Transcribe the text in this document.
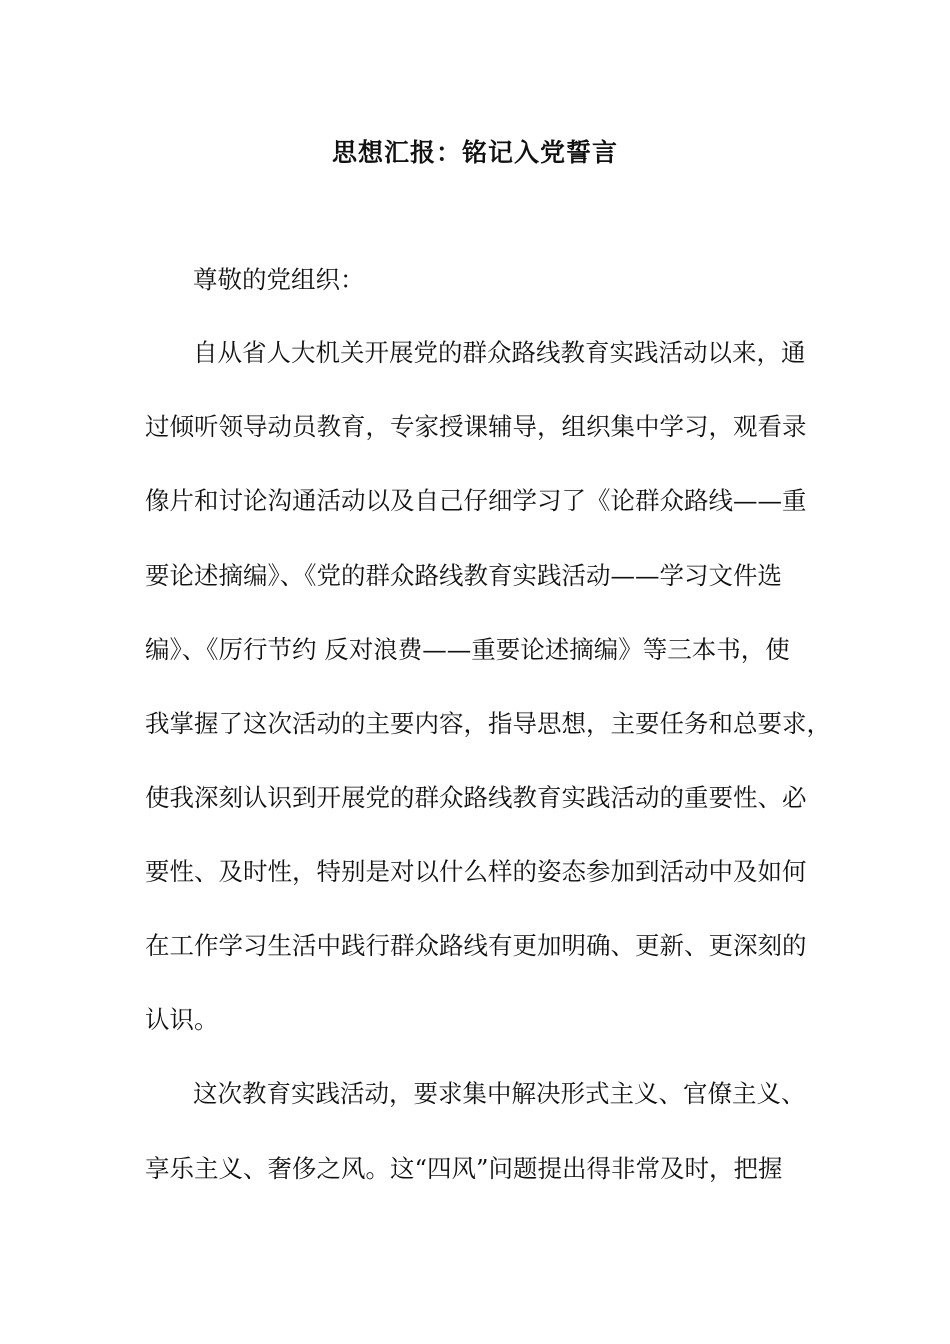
思想汇报：铭记入党誓言

尊敬的党组织：

自从省人大机关开展党的群众路线教育实践活动以来，通

过倾听领导动员教育，专家授课辅导，组织集中学习，观看录

像片和讨论沟通活动以及自己仔细学习了《论群众路线——重

要论述摘编》、《党的群众路线教育实践活动——学习文件选

编》、《厉行节约 反对浪费——重要论述摘编》等三本书，使

我掌握了这次活动的主要内容，指导思想，主要任务和总要求，

使我深刻认识到开展党的群众路线教育实践活动的重要性、必

要性、及时性，特别是对以什么样的姿态参加到活动中及如何

在工作学习生活中践行群众路线有更加明确、更新、更深刻的

认识。

这次教育实践活动，要求集中解决形式主义、官僚主义、

享乐主义、奢侈之风。这“四风”问题提出得非常及时，把握
